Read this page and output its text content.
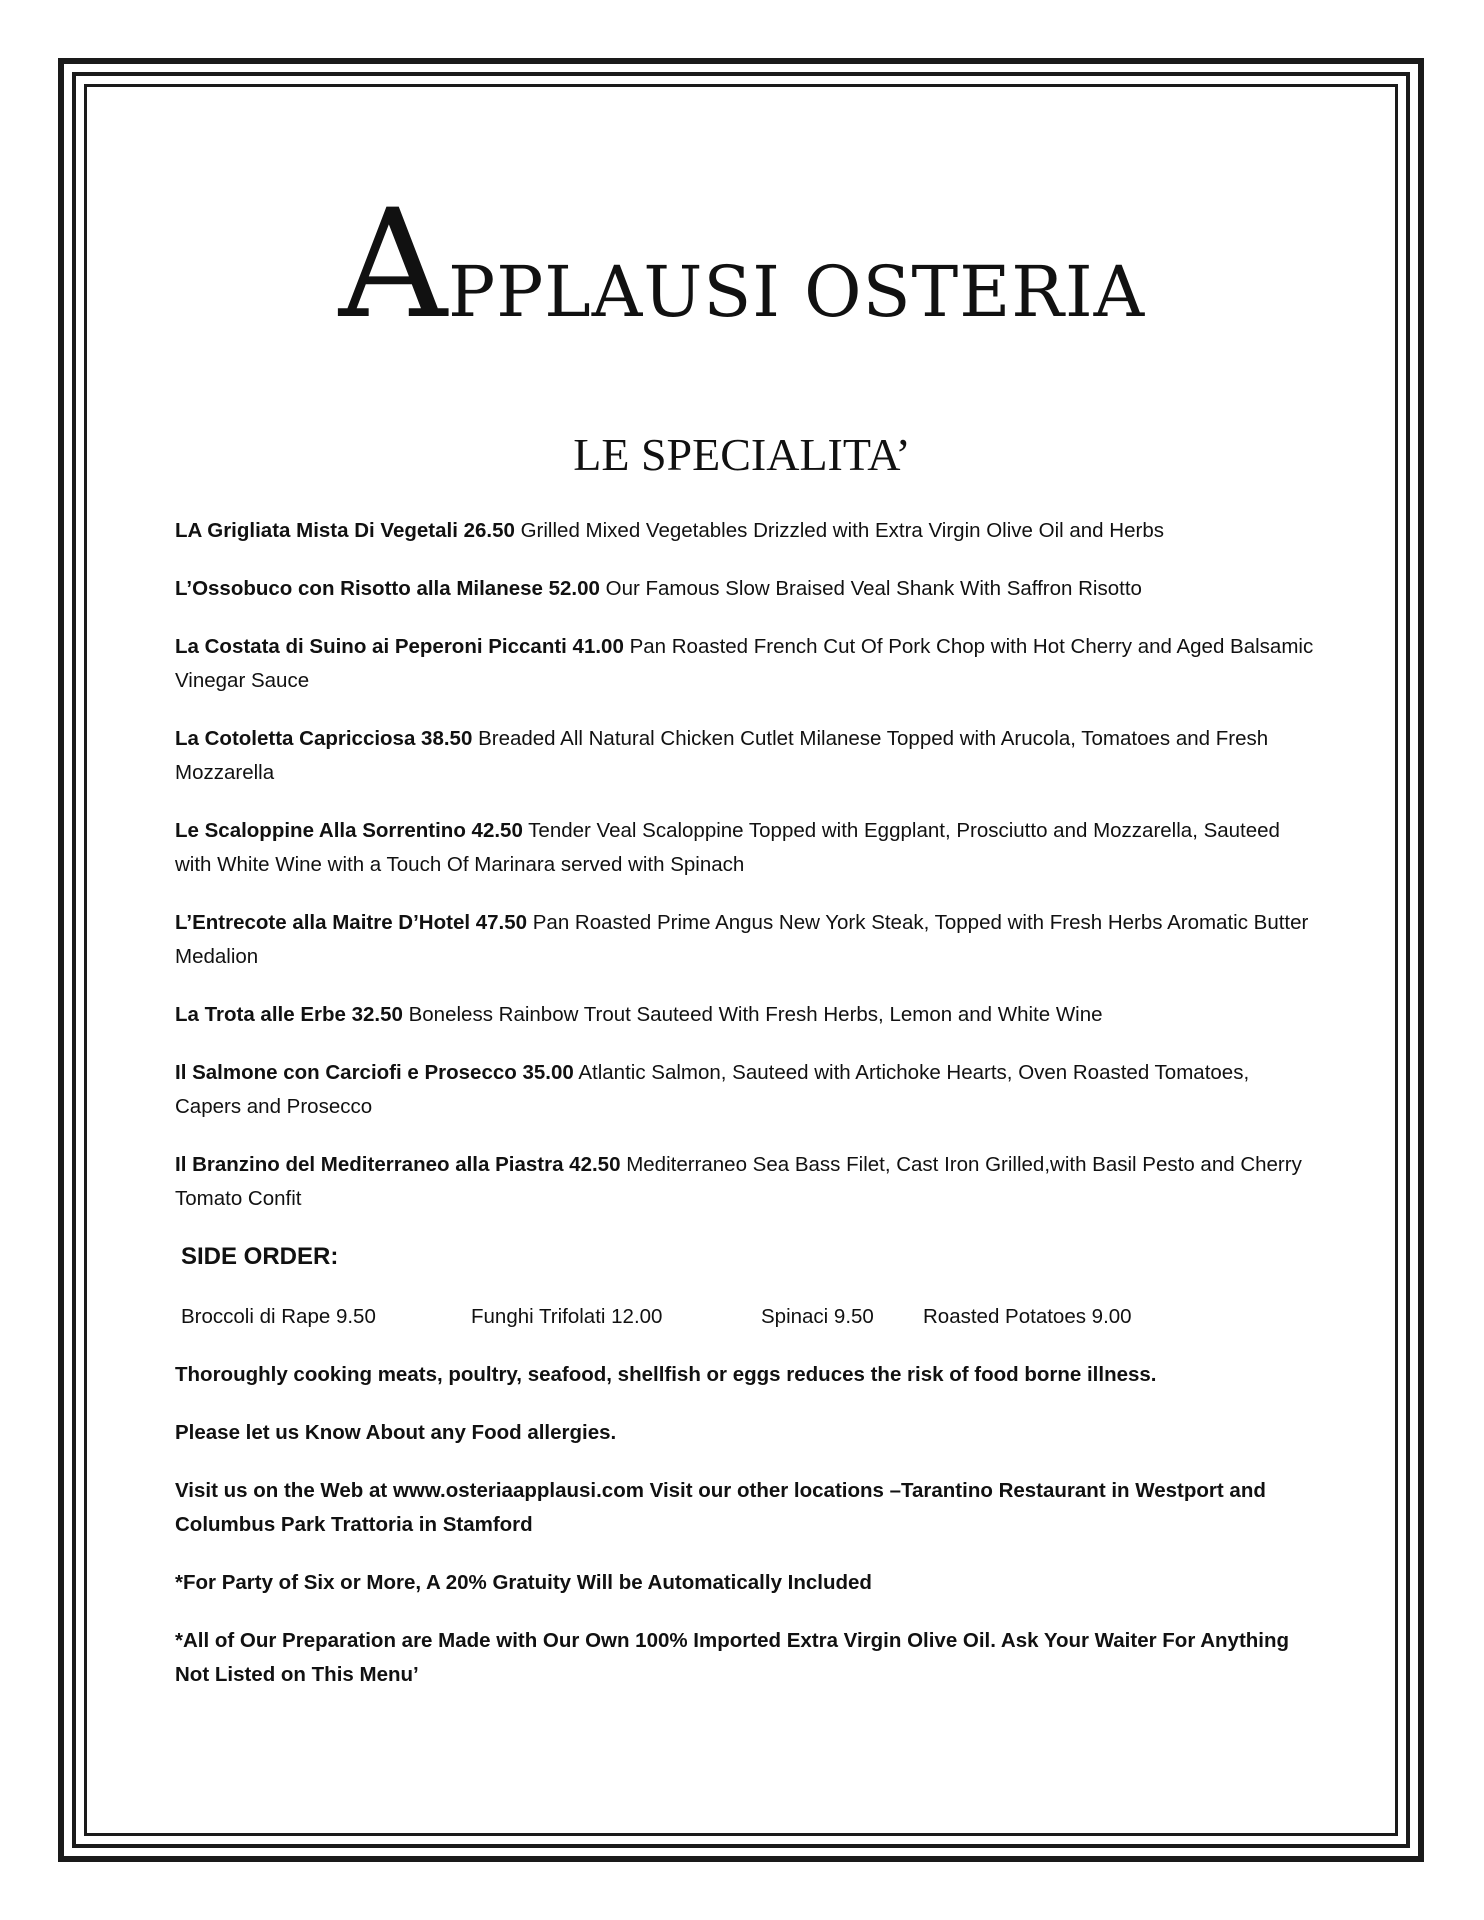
APPLAUSI OSTERIA
LE SPECIALITA’
LA Grigliata Mista Di Vegetali 26.50 Grilled Mixed Vegetables Drizzled with Extra Virgin Olive Oil and Herbs
L’Ossobuco con Risotto alla Milanese 52.00 Our Famous Slow Braised Veal Shank With Saffron Risotto
La Costata di Suino ai Peperoni Piccanti 41.00 Pan Roasted French Cut Of Pork Chop with Hot Cherry and Aged Balsamic Vinegar Sauce
La Cotoletta Capricciosa 38.50 Breaded All Natural Chicken Cutlet Milanese Topped with Arucola, Tomatoes and Fresh Mozzarella
Le Scaloppine Alla Sorrentino 42.50 Tender Veal Scaloppine Topped with Eggplant, Prosciutto and Mozzarella, Sauteed with White Wine with a Touch Of Marinara served with Spinach
L’Entrecote alla Maitre D’Hotel 47.50 Pan Roasted Prime Angus New York Steak, Topped with Fresh Herbs Aromatic Butter Medalion
La Trota alle Erbe 32.50 Boneless Rainbow Trout Sauteed With Fresh Herbs, Lemon and White Wine
Il Salmone con Carciofi e Prosecco 35.00 Atlantic Salmon, Sauteed with Artichoke Hearts, Oven Roasted Tomatoes, Capers and Prosecco
Il Branzino del Mediterraneo alla Piastra 42.50 Mediterraneo Sea Bass Filet, Cast Iron Grilled,with Basil Pesto and Cherry Tomato Confit
SIDE ORDER:
Broccoli di Rape 9.50	Funghi Trifolati 12.00	Spinaci 9.50	Roasted Potatoes 9.00
Thoroughly cooking meats, poultry, seafood, shellfish or eggs reduces the risk of food borne illness.
Please let us Know About any Food allergies.
Visit us on the Web at www.osteriaapplausi.com Visit our other locations –Tarantino Restaurant in Westport and Columbus Park Trattoria in Stamford
*For Party of Six or More, A 20% Gratuity Will be Automatically Included
*All of Our Preparation are Made with Our Own 100% Imported Extra Virgin Olive Oil. Ask Your Waiter For Anything Not Listed on This Menu’
